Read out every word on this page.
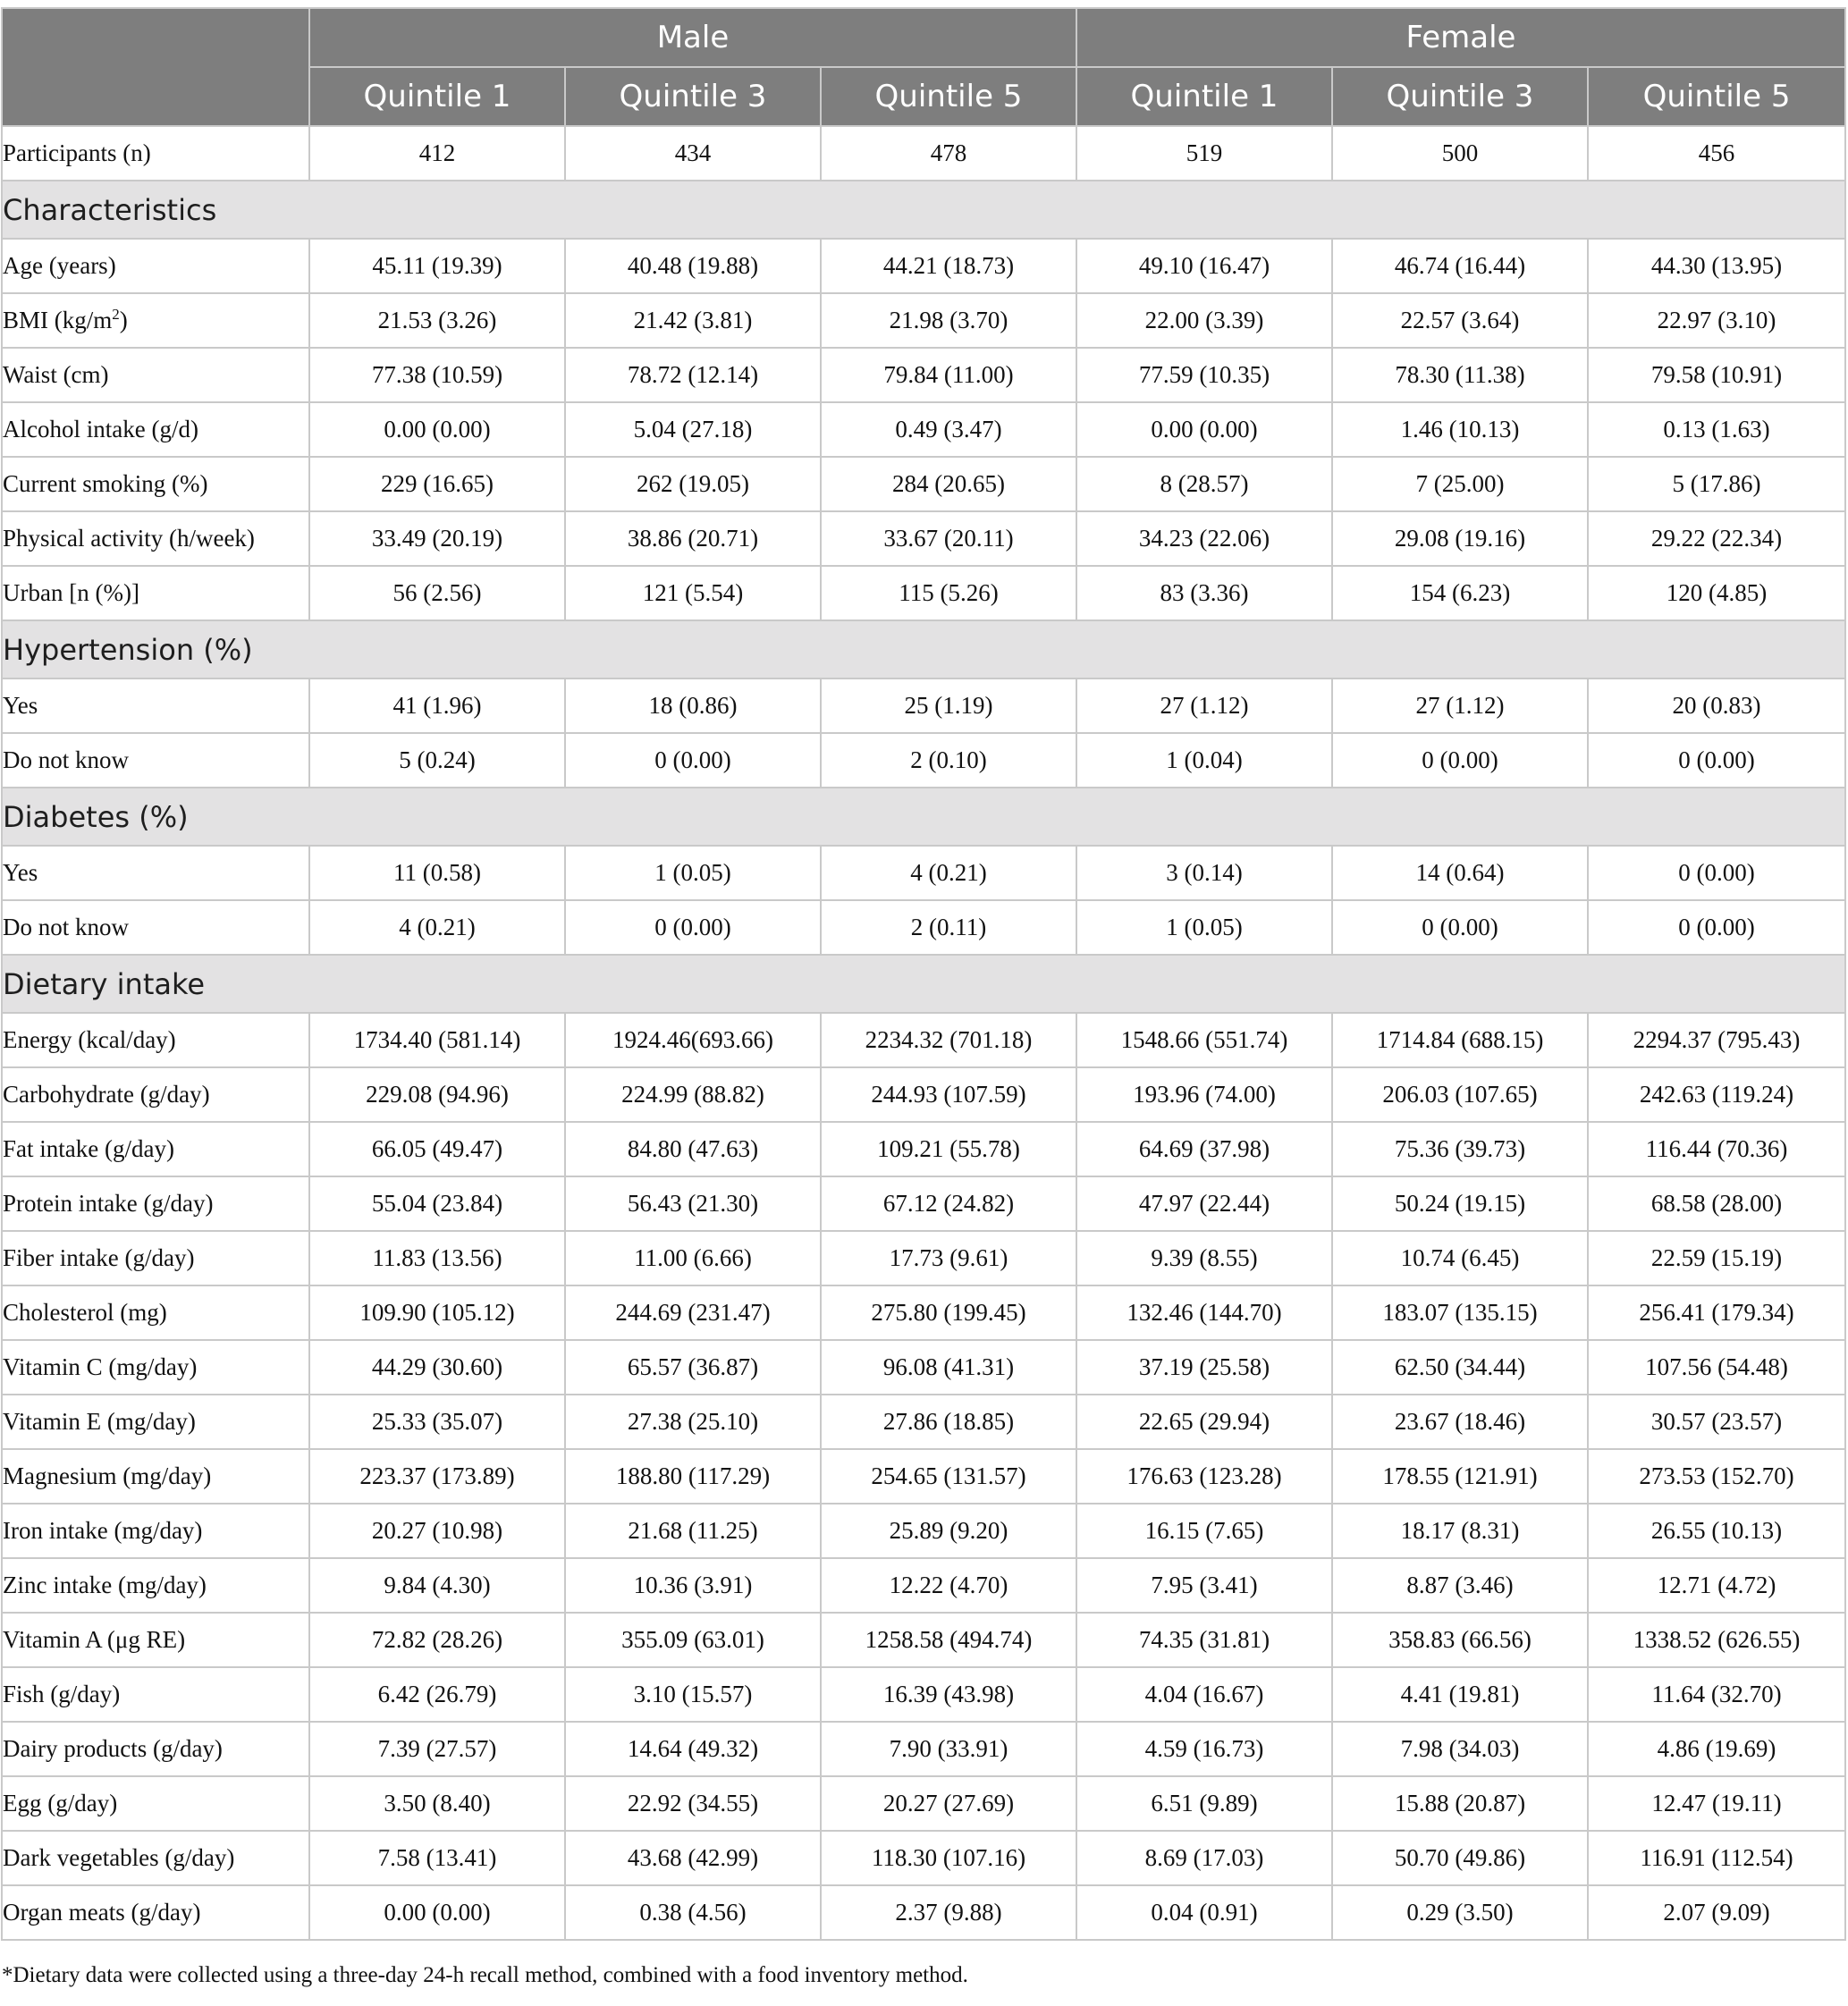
	Male			Female		
	Quintile 1	Quintile 3	Quintile 5	Quintile 1	Quintile 3	Quintile 5
Participants (n)	412	434	478	519	500	456
Characteristics						
Age (years)	45.11 (19.39)	40.48 (19.88)	44.21 (18.73)	49.10 (16.47)	46.74 (16.44)	44.30 (13.95)
BMI $(kg/m^2)$	21.53 (3.26)	21.42 (3.81)	21.98 (3.70)	22.00 (3.39)	22.57 (3.64)	22.97 (3.10)
Waist (cm)	77.38 (10.59)	78.72 (12.14)	79.84 (11.00)	77.59 (10.35)	78.30 (11.38)	79.58 (10.91)
Alcohol intake (g/d)	0.00 (0.00)	5.04 (27.18)	0.49 (3.47)	0.00 (0.00)	1.46 (10.13)	0.13 (1.63)
Current smoking (%)	229 (16.65)	262 (19.05)	284 (20.65)	8 (28.57)	7 (25.00)	5 (17.86)
Physical activity (h/week)	33.49 (20.19)	38.86 (20.71)	33.67 (20.11)	34.23 (22.06)	29.08 (19.16)	29.22 (22.34)
Urban [n (%)]	56 (2.56)	121 (5.54)	115 (5.26)	83 (3.36)	154 (6.23)	120 (4.85)
Hypertension (%)						
Yes	41 (1.96)	18 (0.86)	25 (1.19)	27 (1.12)	27 (1.12)	20 (0.83)
Do not know	5 (0.24)	0 (0.00)	2 (0.10)	1 (0.04)	0 (0.00)	0 (0.00)
Diabetes (%)						
Yes	11 (0.58)	1 (0.05)	4 (0.21)	3 (0.14)	14 (0.64)	0 (0.00)
Do not know	4 (0.21)	0 (0.00)	2 (0.11)	1 (0.05)	0 (0.00)	0 (0.00)
Dietary intake						
Energy (kcal/day)	1734.40 (581.14)	1924.46(693.66)	2234.32 (701.18)	1548.66 (551.74)	1714.84 (688.15)	2294.37 (795.43)
Carbohydrate (g/day)	229.08 (94.96)	224.99 (88.82)	244.93 (107.59)	193.96 (74.00)	206.03 (107.65)	242.63 (119.24)
Fat intake (g/day)	66.05 (49.47)	84.80 (47.63)	109.21 (55.78)	64.69 (37.98)	75.36 (39.73)	116.44 (70.36)
Protein intake (g/day)	55.04 (23.84)	56.43 (21.30)	67.12 (24.82)	47.97 (22.44)	50.24 (19.15)	68.58 (28.00)
Fiber intake (g/day)	11.83 (13.56)	11.00 (6.66)	17.73 (9.61)	9.39 (8.55)	10.74 (6.45)	22.59 (15.19)
Cholesterol (mg)	109.90 (105.12)	244.69 (231.47)	275.80 (199.45)	132.46 (144.70)	183.07 (135.15)	256.41 (179.34)
Vitamin C (mg/day)	44.29 (30.60)	65.57 (36.87)	96.08 (41.31)	37.19 (25.58)	62.50 (34.44)	107.56 (54.48)
Vitamin E (mg/day)	25.33 (35.07)	27.38 (25.10)	27.86 (18.85)	22.65 (29.94)	23.67 (18.46)	30.57 (23.57)
Magnesium (mg/day)	223.37 (173.89)	188.80 (117.29)	254.65 (131.57)	176.63 (123.28)	178.55 (121.91)	273.53 (152.70)
Iron intake (mg/day)	20.27 (10.98)	21.68 (11.25)	25.89 (9.20)	16.15 (7.65)	18.17 (8.31)	26.55 (10.13)
Zinc intake (mg/day)	9.84 (4.30)	10.36 (3.91)	12.22 (4.70)	7.95 (3.41)	8.87 (3.46)	12.71 (4.72)
Vitamin A (μg RE)	72.82 (28.26)	355.09 (63.01)	1258.58 (494.74)	74.35 (31.81)	358.83 (66.56)	1338.52 (626.55)
Fish (g/day)	6.42 (26.79)	3.10 (15.57)	16.39 (43.98)	4.04 (16.67)	4.41 (19.81)	11.64 (32.70)
Dairy products (g/day)	7.39 (27.57)	14.64 (49.32)	7.90 (33.91)	4.59 (16.73)	7.98 (34.03)	4.86 (19.69)
Egg (g/day)	3.50 (8.40)	22.92 (34.55)	20.27 (27.69)	6.51 (9.89)	15.88 (20.87)	12.47 (19.11)
Dark vegetables (g/day)	7.58 (13.41)	43.68 (42.99)	118.30 (107.16)	8.69 (17.03)	50.70 (49.86)	116.91 (112.54)
Organ meats (g/day)	0.00 (0.00)	0.38 (4.56)	2.37 (9.88)	0.04 (0.91)	0.29 (3.50)	2.07 (9.09)

*Dietary data were collected using a three-day 24-h recall method, combined with a food inventory method.
